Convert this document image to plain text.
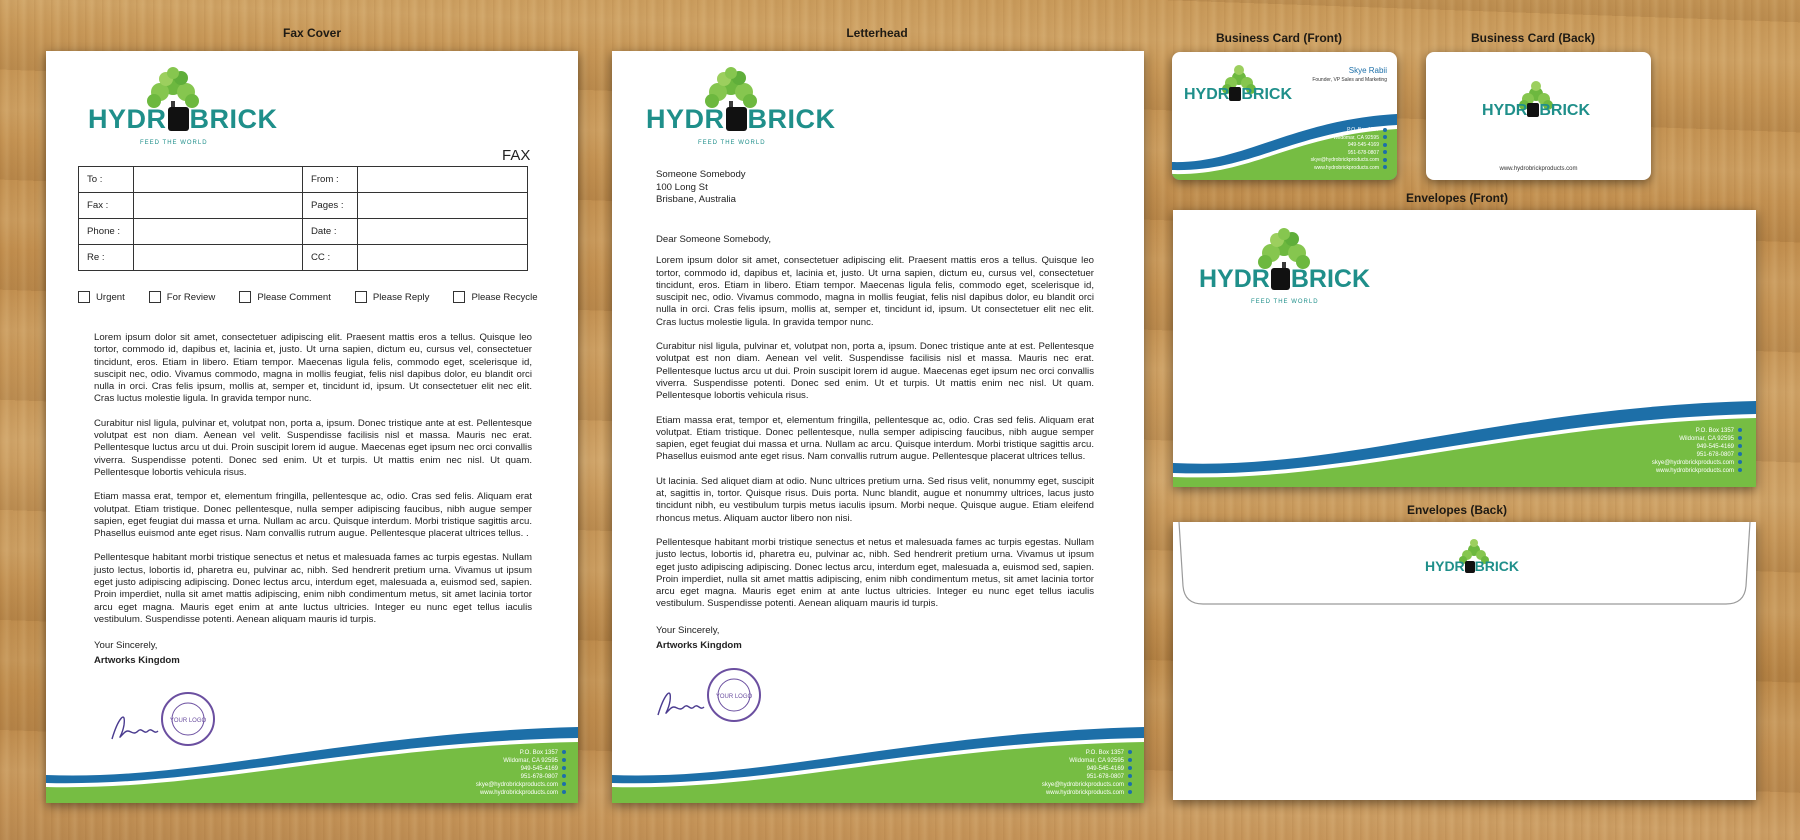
Fax Cover	Letterhead	Business Card (Front)	Business Card (Back)
Envelopes (Front)
Envelopes (Back)
HYDR BRICK
FEED THE WORLD
FAX
To :		From :	
Fax :		Pages :	
Phone :		Date :	
Re :		CC :	
Urgent	For Review	Please Comment	Please Reply	Please Recycle

Lorem ipsum dolor sit amet, consectetuer adipiscing elit. Praesent mattis eros a tellus. Quisque leo tortor, commodo id, dapibus et, lacinia et, justo. Ut urna sapien, dictum eu, cursus vel, consectetuer tincidunt, eros. Etiam in libero. Etiam tempor. Maecenas ligula felis, commodo eget, scelerisque id, suscipit nec, odio. Vivamus commodo, magna in mollis feugiat, felis nisl dapibus dolor, eu blandit orci nulla in orci. Cras felis ipsum, mollis at, semper et, tincidunt id, ipsum. Ut consectetuer elit nec elit. Cras luctus molestie ligula. In gravida tempor nunc.

Curabitur nisl ligula, pulvinar et, volutpat non, porta a, ipsum. Donec tristique ante at est. Pellentesque volutpat est non diam. Aenean vel velit. Suspendisse facilisis nisl et massa. Mauris nec erat. Pellentesque luctus arcu ut dui. Proin suscipit lorem id augue. Maecenas eget ipsum nec orci convallis viverra. Suspendisse potenti. Donec sed enim. Ut et turpis. Ut mattis enim nec nisl. Ut quam. Pellentesque lobortis vehicula risus.

Etiam massa erat, tempor et, elementum fringilla, pellentesque ac, odio. Cras sed felis. Aliquam erat volutpat. Etiam tristique. Donec pellentesque, nulla semper adipiscing faucibus, nibh augue semper sapien, eget feugiat dui massa et urna. Nullam ac arcu. Quisque interdum. Morbi tristique sagittis arcu. Phasellus euismod ante eget risus. Nam convallis rutrum augue. Pellentesque placerat ultrices tellus. .

Pellentesque habitant morbi tristique senectus et netus et malesuada fames ac turpis egestas. Nullam justo lectus, lobortis id, pharetra eu, pulvinar ac, nibh. Sed hendrerit pretium urna. Vivamus ut ipsum eget justo adipiscing adipiscing. Donec lectus arcu, interdum eget, malesuada a, euismod sed, sapien. Proin imperdiet, nulla sit amet mattis adipiscing, enim nibh condimentum metus, sit amet lacinia tortor arcu eget magna. Mauris eget enim at ante luctus ultricies. Integer eu nunc eget tellus iaculis vestibulum. Suspendisse potenti. Aenean aliquam mauris id turpis.

Your Sincerely,
Artworks Kingdom
YOUR LOGO
P.O. Box 1357
Wildomar, CA 92595
949-545-4169
951-678-0807
skye@hydrobrickproducts.com
www.hydrobrickproducts.com
HYDR BRICK
FEED THE WORLD
Someone Somebody
100 Long St
Brisbane, Australia

Dear Someone Somebody,

Lorem ipsum dolor sit amet, consectetuer adipiscing elit. Praesent mattis eros a tellus. Quisque leo tortor, commodo id, dapibus et, lacinia et, justo. Ut urna sapien, dictum eu, cursus vel, consectetuer tincidunt, eros. Etiam in libero. Etiam tempor. Maecenas ligula felis, commodo eget, scelerisque id, suscipit nec, odio. Vivamus commodo, magna in mollis feugiat, felis nisl dapibus dolor, eu blandit orci nulla in orci. Cras felis ipsum, mollis at, semper et, tincidunt id, ipsum. Ut consectetuer elit nec elit. Cras luctus molestie ligula. In gravida tempor nunc.

Curabitur nisl ligula, pulvinar et, volutpat non, porta a, ipsum. Donec tristique ante at est. Pellentesque volutpat est non diam. Aenean vel velit. Suspendisse facilisis nisl et massa. Mauris nec erat. Pellentesque luctus arcu ut dui. Proin suscipit lorem id augue. Maecenas eget ipsum nec orci convallis viverra. Suspendisse potenti. Donec sed enim. Ut et turpis. Ut mattis enim nec nisl. Ut quam. Pellentesque lobortis vehicula risus.

Etiam massa erat, tempor et, elementum fringilla, pellentesque ac, odio. Cras sed felis. Aliquam erat volutpat. Etiam tristique. Donec pellentesque, nulla semper adipiscing faucibus, nibh augue semper sapien, eget feugiat dui massa et urna. Nullam ac arcu. Quisque interdum. Morbi tristique sagittis arcu. Phasellus euismod ante eget risus. Nam convallis rutrum augue. Pellentesque placerat ultrices tellus.

Ut lacinia. Sed aliquet diam at odio. Nunc ultrices pretium urna. Sed risus velit, nonummy eget, suscipit at, sagittis in, tortor. Quisque risus. Duis porta. Nunc blandit, augue et nonummy ultrices, lacus justo tincidunt nibh, eu vestibulum turpis metus iaculis ipsum. Morbi neque. Quisque augue. Etiam eleifend rhoncus metus. Aliquam auctor libero non nisi.

Pellentesque habitant morbi tristique senectus et netus et malesuada fames ac turpis egestas. Nullam justo lectus, lobortis id, pharetra eu, pulvinar ac, nibh. Sed hendrerit pretium urna. Vivamus ut ipsum eget justo adipiscing adipiscing. Donec lectus arcu, interdum eget, malesuada a, euismod sed, sapien. Proin imperdiet, nulla sit amet mattis adipiscing, enim nibh condimentum metus, sit amet lacinia tortor arcu eget magna. Mauris eget enim at ante luctus ultricies. Integer eu nunc eget tellus iaculis vestibulum. Suspendisse potenti. Aenean aliquam mauris id turpis.

Your Sincerely,
Artworks Kingdom
YOUR LOGO
P.O. Box 1357
Wildomar, CA 92595
949-545-4169
951-678-0807
skye@hydrobrickproducts.com
www.hydrobrickproducts.com
HYDR BRICK
Skye Rabii
Founder, VP Sales and Marketing
P.O. Box 1357
Wildomar, CA 92595
949-545-4169
951-678-0807
skye@hydrobrickproducts.com
www.hydrobrickproducts.com
HYDR BRICK
www.hydrobrickproducts.com
HYDR BRICK
FEED THE WORLD
P.O. Box 1357
Wildomar, CA 92595
949-545-4169
951-678-0807
skye@hydrobrickproducts.com
www.hydrobrickproducts.com
HYDR BRICK
